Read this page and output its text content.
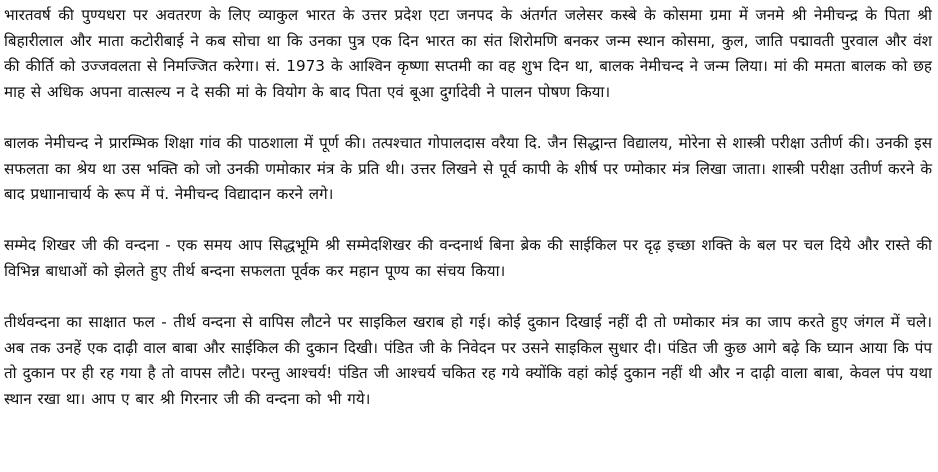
भारतवर्ष की पुण्यधरा पर अवतरण के लिए व्याकुल भारत के उत्तर प्रदेश एटा जनपद के अंतर्गत जलेसर कस्बे के कोसमा ग्रमा में जनमे श्री नेमीचन्द्र के पिता श्री बिहारीलाल और माता कटोरीबाई ने कब सोचा था कि उनका पुत्र एक दिन भारत का संत शिरोमणि बनकर जन्म स्थान कोसमा, कुल, जाति पद्मावती पुरवाल और वंश की कीर्ति को उज्जवलता से निमज्जित करेगा। सं. 1973 के आश्विन कृष्णा सप्तमी का वह शुभ दिन था, बालक नेमीचन्द ने जन्म लिया। मां की ममता बालक को छह माह से अधिक अपना वात्सल्य न दे सकी मां के वियोग के बाद पिता एवं बूआ दुर्गादेवी ने पालन पोषण किया।

बालक नेमीचन्द ने प्रारम्भिक शिक्षा गांव की पाठशाला में पूर्ण की। तत्पश्चात गोपालदास वरैया दि. जैन सिद्धान्त विद्यालय, मोरेना से शास्त्री परीक्षा उतीर्ण की। उनकी इस सफलता का श्रेय था उस भक्ति को जो उनकी णमोकार मंत्र के प्रति थी। उत्तर लिखने से पूर्व कापी के शीर्ष पर ण्मोकार मंत्र लिखा जाता। शास्त्री परीक्षा उतीर्ण करने के बाद प्रधाानाचार्य के रूप में पं. नेमीचन्द विद्यादान करने लगे।

सम्मेद शिखर जी की वन्दना - एक समय आप सिद्धभूमि श्री सम्मेदशिखर की वन्दनार्थ बिना ब्रेक की साईकिल पर दृढ़ इच्छा शक्ति के बल पर चल दिये और रास्ते की विभिन्न बाधाओं को झेलते हुए तीर्थ बन्दना सफलता पूर्वक कर महान पूण्य का संचय किया।

तीर्थवन्दना का साक्षात फल - तीर्थ वन्दना से वापिस लौटने पर साइकिल खराब हो गई। कोई दुकान दिखाई नहीं दी तो ण्मोकार मंत्र का जाप करते हुए जंगल में चले। अब तक उनहें एक दाढ़ी वाल बाबा और साईकिल की दुकान दिखी। पंडित जी के निवेदन पर उसने साइकिल सुधार दी। पंडित जी कुछ आगे बढ़े कि घ्यान आया कि पंप तो दुकान पर ही रह गया है तो वापस लौटे। परन्तु आश्चर्य! पंडित जी आश्चर्य चकित रह गये क्योंकि वहां कोई दुकान नहीं थी और न दाढ़ी वाला बाबा, केवल पंप यथा स्थान रखा था। आप ए बार श्री गिरनार जी की वन्दना को भी गये।
